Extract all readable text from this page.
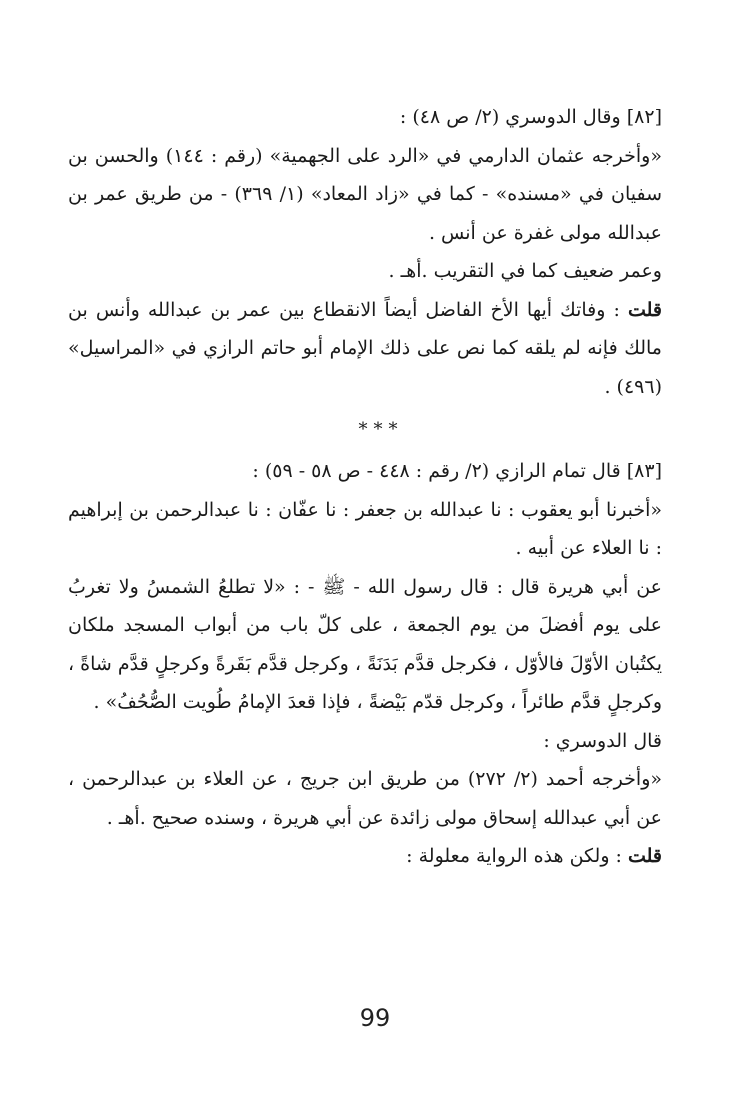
[٨٢] وقال الدوسري (٢/ ص ٤٨) :

«وأخرجه عثمان الدارمي في «الرد على الجهمية» (رقم : ١٤٤) والحسن بن سفيان في «مسنده» - كما في «زاد المعاد» (١/ ٣٦٩) - من طريق عمر بن عبدالله مولى غفرة عن أنس .

وعمر ضعيف كما في التقريب .أهـ .

قلت : وفاتك أيها الأخ الفاضل أيضاً الانقطاع بين عمر بن عبدالله وأنس بن مالك فإنه لم يلقه كما نص على ذلك الإمام أبو حاتم الرازي في «المراسيل» (٤٩٦) .

***

[٨٣] قال تمام الرازي (٢/ رقم : ٤٤٨ - ص ٥٨ - ٥٩) :

«أخبرنا أبو يعقوب : نا عبدالله بن جعفر : نا عفّان : نا عبدالرحمن بن إبراهيم : نا العلاء عن أبيه .

عن أبي هريرة قال : قال رسول الله - ﷺ - : «لا تطلعُ الشمسُ ولا تغربُ على يوم أفضلَ من يوم الجمعة ، على كلّ باب من أبواب المسجد ملكان يكتُبان الأوّلَ فالأوّل ، فكرجل قدَّم بَدَنَةً ، وكرجل قدَّم بَقَرةً وكرجلٍ قدَّم شاةً ، وكرجلٍ قدَّم طائراً ، وكرجل قدّم بَيْضةً ، فإذا قعدَ الإمامُ طُويت الصُّحُفُ» .

قال الدوسري :

«وأخرجه أحمد (٢/ ٢٧٢) من طريق ابن جريج ، عن العلاء بن عبدالرحمن ، عن أبي عبدالله إسحاق مولى زائدة عن أبي هريرة ، وسنده صحيح .أهـ .

قلت : ولكن هذه الرواية معلولة :

99
